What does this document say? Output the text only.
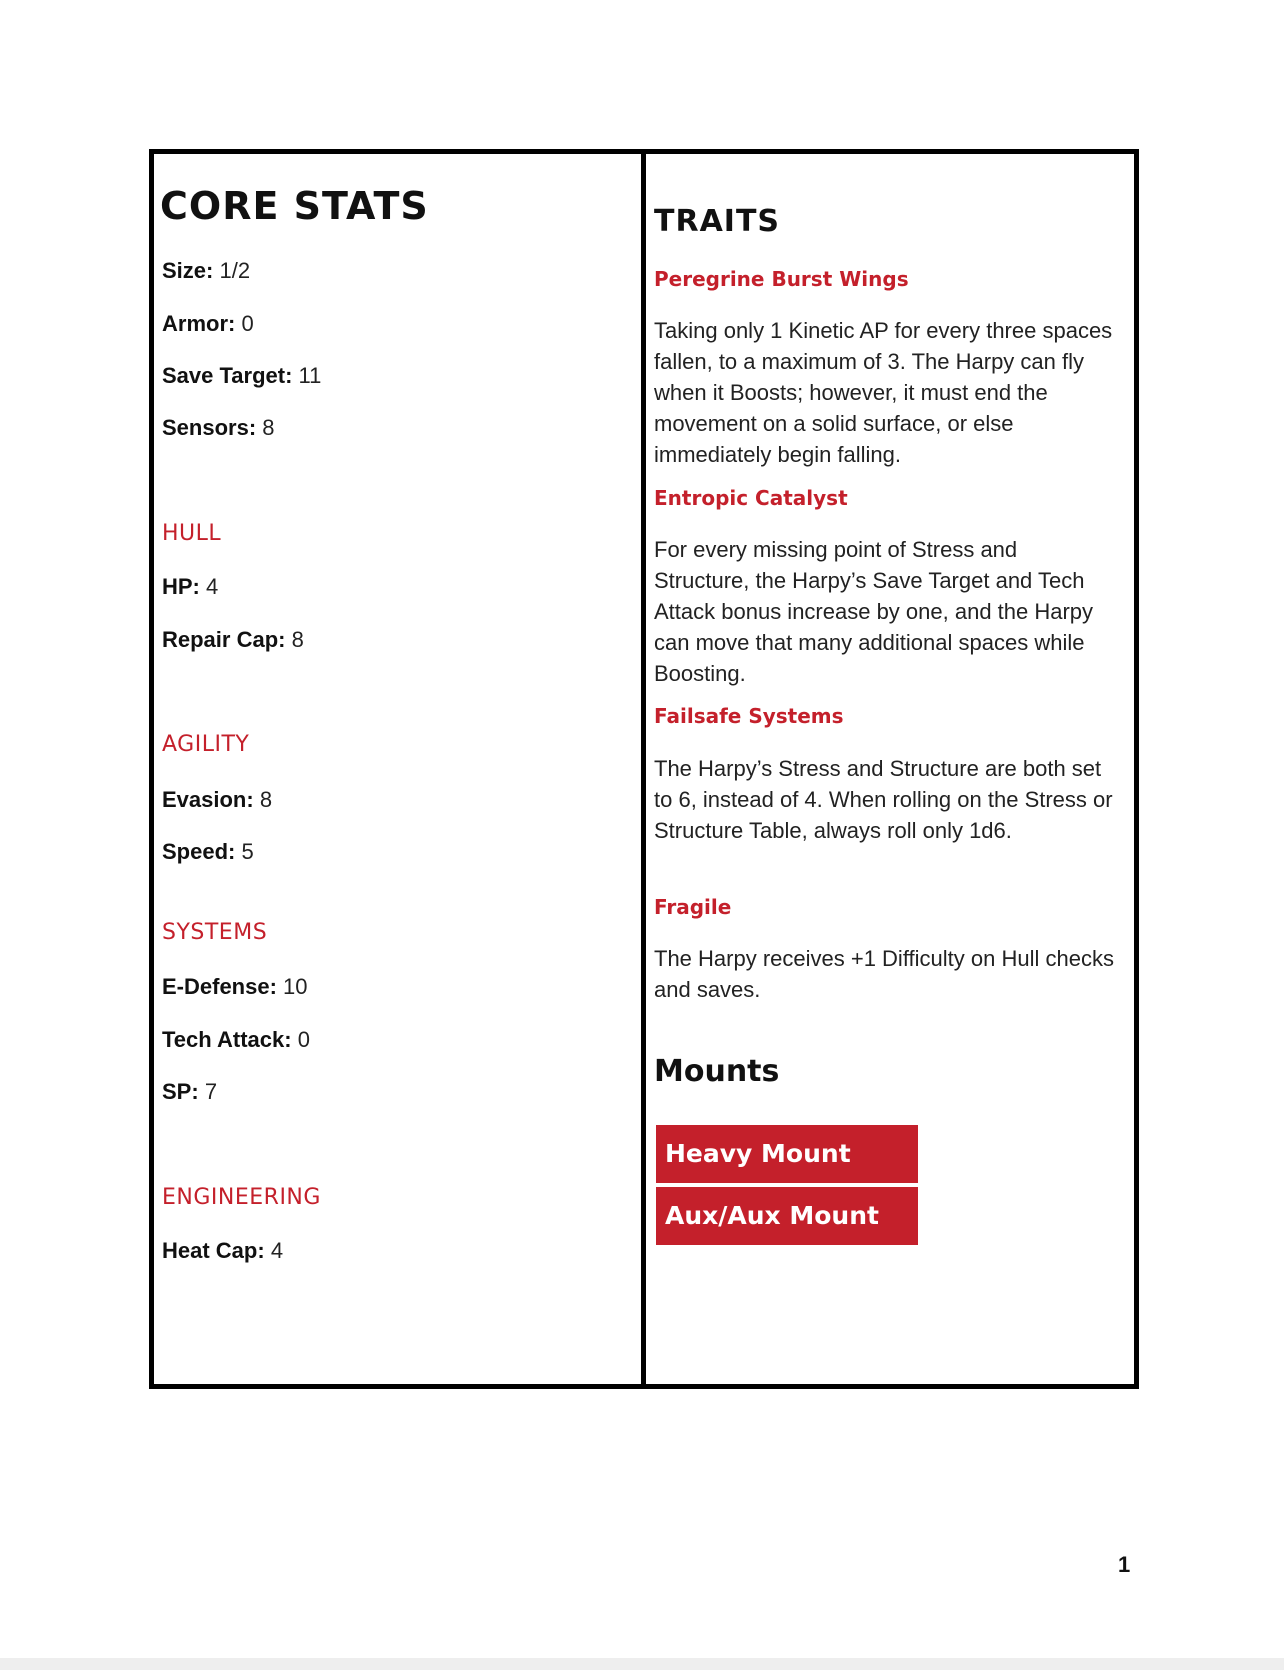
CORE STATS
Size: 1/2
Armor: 0
Save Target: 11
Sensors: 8
HULL
HP: 4
Repair Cap: 8
AGILITY
Evasion: 8
Speed: 5
SYSTEMS
E-Defense: 10
Tech Attack: 0
SP: 7
ENGINEERING
Heat Cap: 4
TRAITS
Peregrine Burst Wings

Taking only 1 Kinetic AP for every three spaces fallen, to a maximum of 3. The Harpy can fly when it Boosts; however, it must end the movement on a solid surface, or else immediately begin falling.

Entropic Catalyst

For every missing point of Stress and Structure, the Harpy’s Save Target and Tech Attack bonus increase by one, and the Harpy can move that many additional spaces while Boosting.

Failsafe Systems

The Harpy’s Stress and Structure are both set to 6, instead of 4. When rolling on the Stress or Structure Table, always roll only 1d6.

Fragile

The Harpy receives +1 Difficulty on Hull checks and saves.

Mounts
Heavy Mount
Aux/Aux Mount
1
